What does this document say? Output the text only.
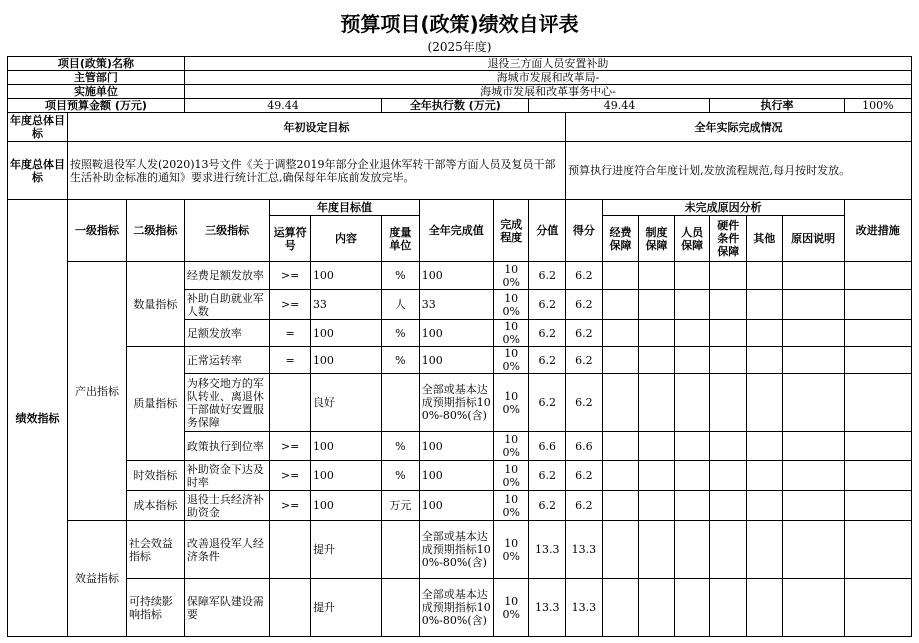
预算项目(政策)绩效自评表
(2025年度)
项目(政策)名称			退役三方面人员安置补助														
主管部门			海城市发展和改革局-														
实施单位			海城市发展和改革事务中心-														
项目预算金额 (万元)			49.44			全年执行数 (万元)			49.44					执行率			100%
年度总体目标	年初设定目标									全年实际完成情况							
年度总体目标	按照鞍退役军人发(2020)13号文件《关于调整2019年部分企业退休军转干部等方面人员及复员干部生活补助金标准的通知》要求进行统计汇总,确保每年年底前发放完毕。									预算执行进度符合年度计划,发放流程规范,每月按时发放。							
绩效指标	一级指标	二级指标	三级指标	年度目标值			全年完成值	完成程度	分值	得分	未完成原因分析						改进措施
				运算符号	内容	度量单位					经费保障	制度保障	人员保障	硬件条件保障	其他	原因说明	
	产出指标	数量指标	经费足额发放率	>=	100	%	100	100%	6.2	6.2							
			补助自助就业军人数	>=	33	人	33	100%	6.2	6.2							
			足额发放率	=	100	%	100	100%	6.2	6.2							
		质量指标	正常运转率	=	100	%	100	100%	6.2	6.2							
			为移交地方的军队转业、离退休干部做好安置服务保障		良好		全部或基本达成预期指标100%-80%(含)	100%	6.2	6.2							
			政策执行到位率	>=	100	%	100	100%	6.6	6.6							
		时效指标	补助资金下达及时率	>=	100	%	100	100%	6.2	6.2							
		成本指标	退役士兵经济补助资金	>=	100	万元	100	100%	6.2	6.2							
	效益指标	社会效益指标	改善退役军人经济条件		提升		全部或基本达成预期指标100%-80%(含)	100%	13.3	13.3							
		可持续影响指标	保障军队建设需要		提升		全部或基本达成预期指标100%-80%(含)	100%	13.3	13.3							
